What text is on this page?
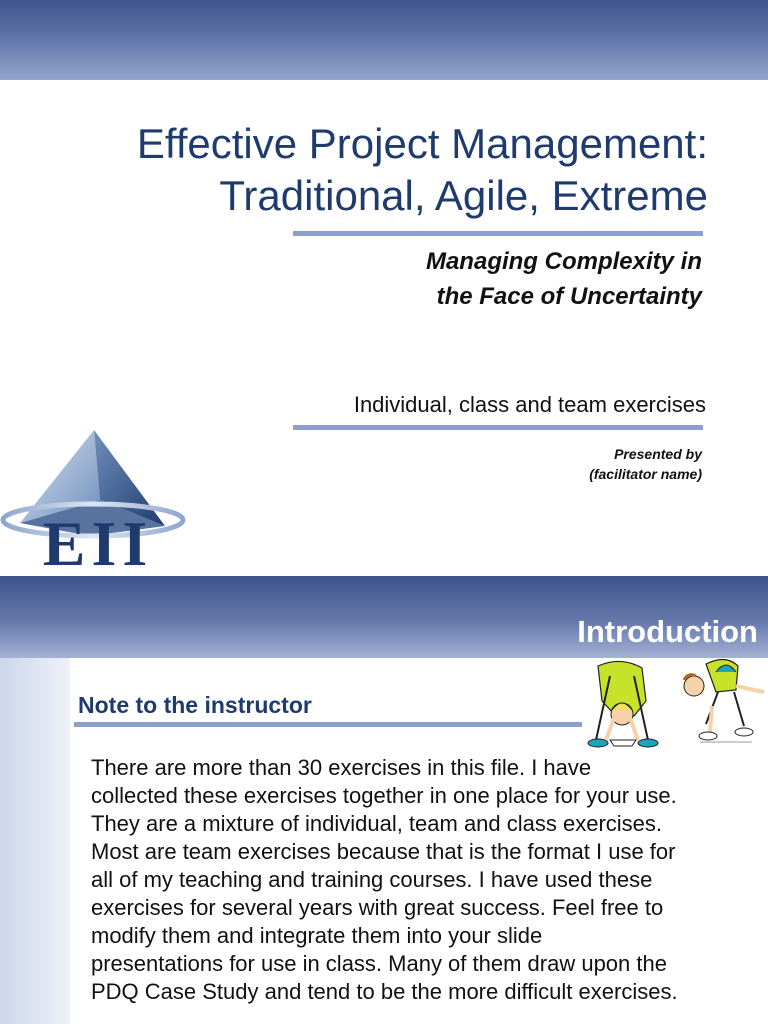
Effective Project Management:
Traditional, Agile, Extreme
Managing Complexity in
the Face of Uncertainty

Individual, class and team exercises

Presented by
(facilitator name)

EII
Introduction
Note to the instructor

There are more than 30 exercises in this file. I have
collected these exercises together in one place for your use.
They are a mixture of individual, team and class exercises.
Most are team exercises because that is the format I use for
all of my teaching and training courses. I have used these
exercises for several years with great success. Feel free to
modify them and integrate them into your slide
presentations for use in class. Many of them draw upon the
PDQ Case Study and tend to be the more difficult exercises.
